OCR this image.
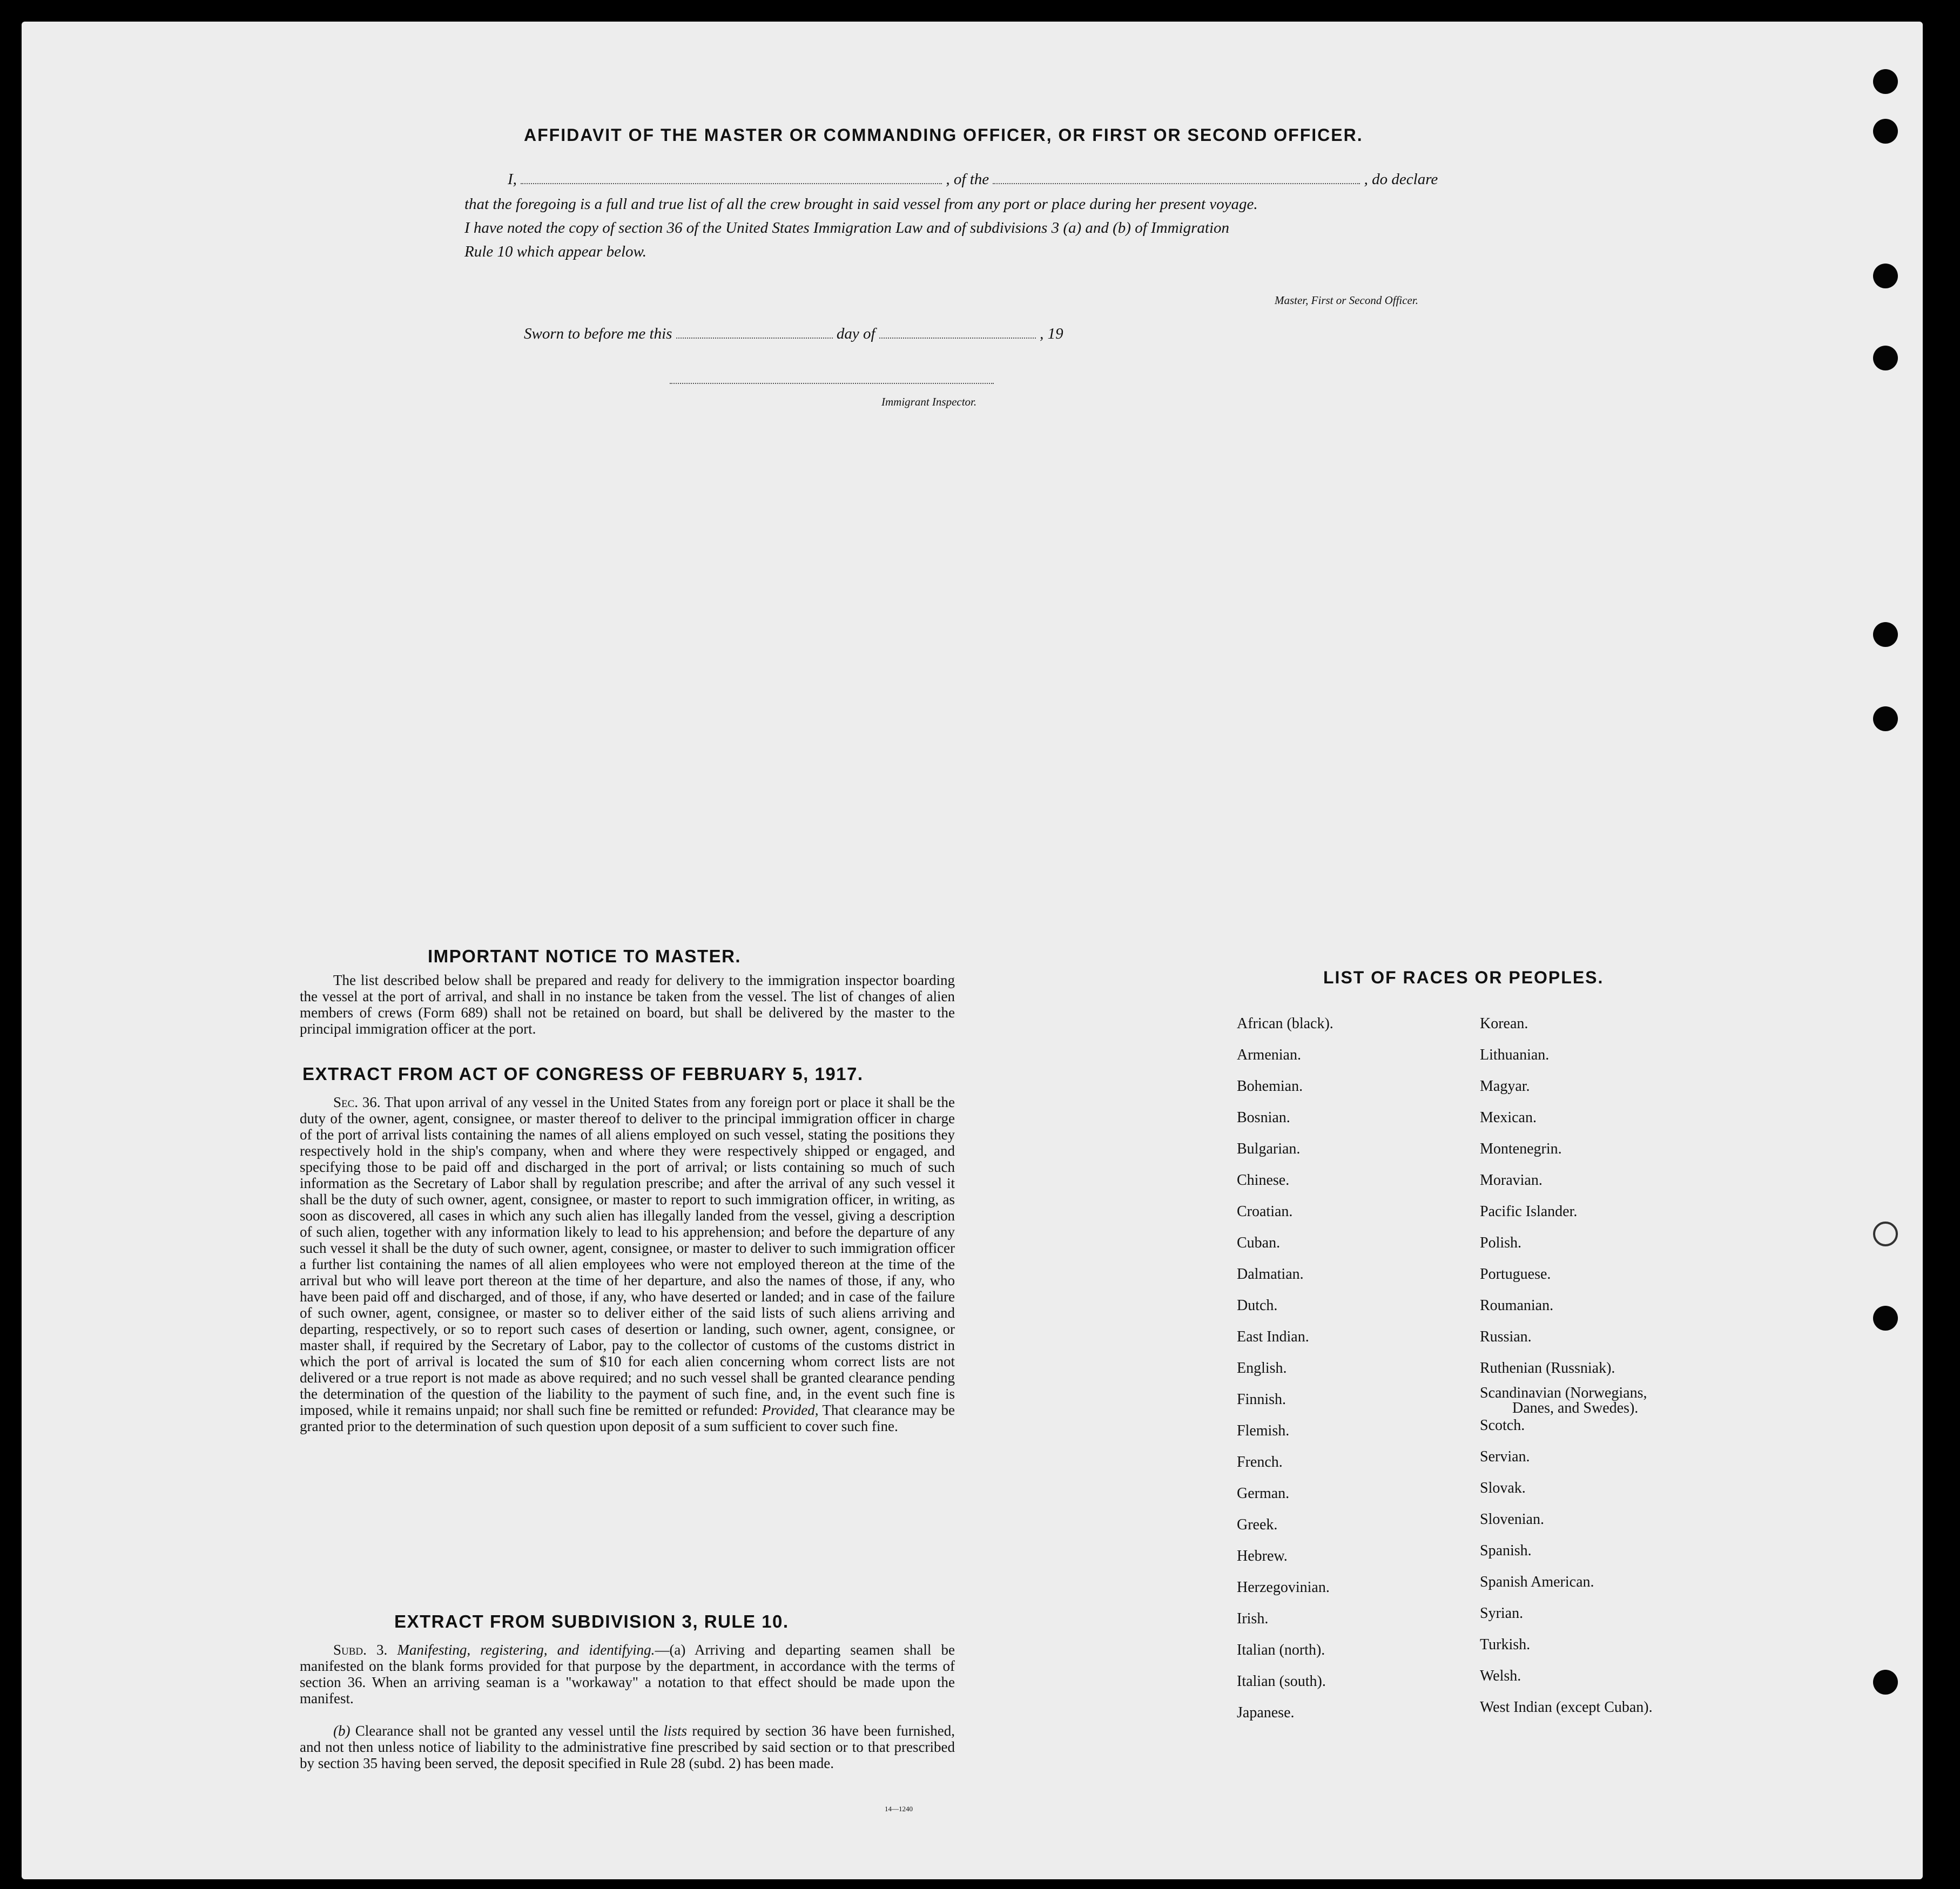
AFFIDAVIT OF THE MASTER OR COMMANDING OFFICER, OR FIRST OR SECOND OFFICER.
I,	, of the	, do declare
that the foregoing is a full and true list of all the crew brought in said vessel from any port or place during her present voyage.
I have noted the copy of section 36 of the United States Immigration Law and of subdivisions 3 (a) and (b) of Immigration
Rule 10 which appear below.
Master, First or Second Officer.
Sworn to before me this	day of	, 19
Immigrant Inspector.
IMPORTANT NOTICE TO MASTER.
The list described below shall be prepared and ready for delivery to the immigration inspector boarding the vessel at the port of arrival, and shall in no instance be taken from the vessel. The list of changes of alien members of crews (Form 689) shall not be retained on board, but shall be delivered by the master to the principal immigration officer at the port.
EXTRACT FROM ACT OF CONGRESS OF FEBRUARY 5, 1917.
Sec. 36. That upon arrival of any vessel in the United States from any foreign port or place it shall be the duty of the owner, agent, consignee, or master thereof to deliver to the principal immigration officer in charge of the port of arrival lists containing the names of all aliens employed on such vessel, stating the positions they respectively hold in the ship's company, when and where they were respectively shipped or engaged, and specifying those to be paid off and discharged in the port of arrival; or lists containing so much of such information as the Secretary of Labor shall by regulation prescribe; and after the arrival of any such vessel it shall be the duty of such owner, agent, consignee, or master to report to such immigration officer, in writing, as soon as discovered, all cases in which any such alien has illegally landed from the vessel, giving a description of such alien, together with any information likely to lead to his apprehension; and before the departure of any such vessel it shall be the duty of such owner, agent, consignee, or master to deliver to such immigration officer a further list containing the names of all alien employees who were not employed thereon at the time of the arrival but who will leave port thereon at the time of her departure, and also the names of those, if any, who have been paid off and discharged, and of those, if any, who have deserted or landed; and in case of the failure of such owner, agent, consignee, or master so to deliver either of the said lists of such aliens arriving and departing, respectively, or so to report such cases of desertion or landing, such owner, agent, consignee, or master shall, if required by the Secretary of Labor, pay to the collector of customs of the customs district in which the port of arrival is located the sum of $10 for each alien concerning whom correct lists are not delivered or a true report is not made as above required; and no such vessel shall be granted clearance pending the determination of the question of the liability to the payment of such fine, and, in the event such fine is imposed, while it remains unpaid; nor shall such fine be remitted or refunded: Provided, That clearance may be granted prior to the determination of such question upon deposit of a sum sufficient to cover such fine.
EXTRACT FROM SUBDIVISION 3, RULE 10.
Subd. 3. Manifesting, registering, and identifying.—(a) Arriving and departing seamen shall be manifested on the blank forms provided for that purpose by the department, in accordance with the terms of section 36. When an arriving seaman is a "workaway" a notation to that effect should be made upon the manifest.
(b) Clearance shall not be granted any vessel until the lists required by section 36 have been furnished, and not then unless notice of liability to the administrative fine prescribed by said section or to that prescribed by section 35 having been served, the deposit specified in Rule 28 (subd. 2) has been made.
14—1240
LIST OF RACES OR PEOPLES.
African (black).
Armenian.
Bohemian.
Bosnian.
Bulgarian.
Chinese.
Croatian.
Cuban.
Dalmatian.
Dutch.
East Indian.
English.
Finnish.
Flemish.
French.
German.
Greek.
Hebrew.
Herzegovinian.
Irish.
Italian (north).
Italian (south).
Japanese.
Korean.
Lithuanian.
Magyar.
Mexican.
Montenegrin.
Moravian.
Pacific Islander.
Polish.
Portuguese.
Roumanian.
Russian.
Ruthenian (Russniak).
Scandinavian (Norwegians,
Danes, and Swedes).
Scotch.
Servian.
Slovak.
Slovenian.
Spanish.
Spanish American.
Syrian.
Turkish.
Welsh.
West Indian (except Cuban).
